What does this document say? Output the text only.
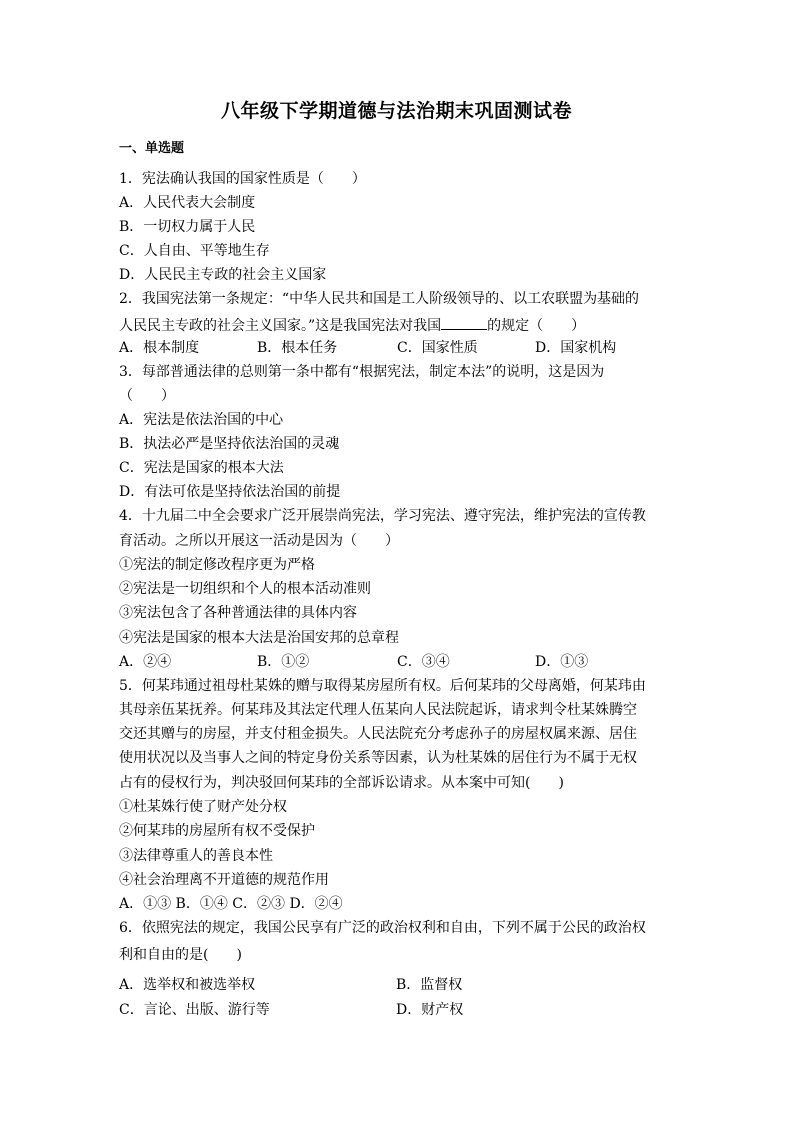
八年级下学期道德与法治期末巩固测试卷
一、单选题
1．宪法确认我国的国家性质是（　　）
A．人民代表大会制度
B．一切权力属于人民
C．人自由、平等地生存
D．人民民主专政的社会主义国家
2．我国宪法第一条规定：“中华人民共和国是工人阶级领导的、以工农联盟为基础的
人民民主专政的社会主义国家。”这是我国宪法对我国	的规定（　　）
A．根本制度	B．根本任务	C．国家性质	D．国家机构
3．每部普通法律的总则第一条中都有“根据宪法，制定本法”的说明，这是因为
（　　）
A．宪法是依法治国的中心
B．执法必严是坚持依法治国的灵魂
C．宪法是国家的根本大法
D．有法可依是坚持依法治国的前提
4．十九届二中全会要求广泛开展崇尚宪法，学习宪法、遵守宪法，维护宪法的宣传教
育活动。之所以开展这一活动是因为（　　）
①宪法的制定修改程序更为严格
②宪法是一切组织和个人的根本活动准则
③宪法包含了各种普通法律的具体内容
④宪法是国家的根本大法是治国安邦的总章程
A．②④	B．①②	C．③④	D．①③
5．何某玮通过祖母杜某姝的赠与取得某房屋所有权。后何某玮的父母离婚，何某玮由
其母亲伍某抚养。何某玮及其法定代理人伍某向人民法院起诉，请求判令杜某姝腾空
交还其赠与的房屋，并支付租金损失。人民法院充分考虑孙子的房屋权属来源、居住
使用状况以及当事人之间的特定身份关系等因素，认为杜某姝的居住行为不属于无权
占有的侵权行为，判决驳回何某玮的全部诉讼请求。从本案中可知(　　)
①杜某姝行使了财产处分权
②何某玮的房屋所有权不受保护
③法律尊重人的善良本性
④社会治理离不开道德的规范作用
A．①③ B．①④ C．②③ D．②④
6．依照宪法的规定，我国公民享有广泛的政治权利和自由，下列不属于公民的政治权
利和自由的是(　　)
A．选举权和被选举权	B．监督权
C．言论、出版、游行等	D．财产权
